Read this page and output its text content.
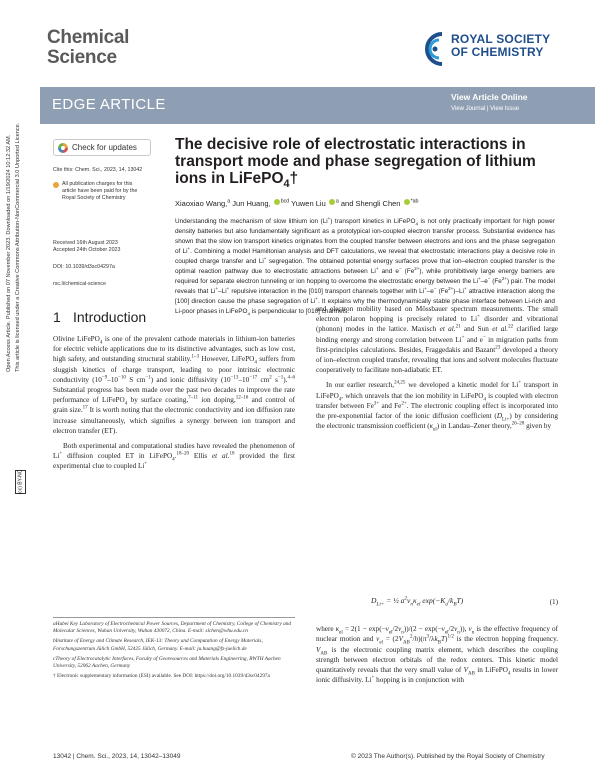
Chemical
Science
ROYAL SOCIETY
OF CHEMISTRY
EDGE ARTICLE	View Article Online
View Journal | View Issue
Open Access Article. Published on 07 November 2023. Downloaded on 1/19/2024 10:12:32 AM. This article is licensed under a Creative Commons Attribution-NonCommercial 3.0 Unported Licence.
(cc) BY-NC
Check for updates
Cite this: Chem. Sci., 2023, 14, 13042
All publication charges for this article have been paid for by the Royal Society of Chemistry
Received 16th August 2023
Accepted 24th October 2023
DOI: 10.1039/d3sc04297a
rsc.li/chemical-science
The decisive role of electrostatic interactions in transport mode and phase segregation of lithium ions in LiFePO$_4$†
Xiaoxiao Wang,$^a$ Jun Huang, $^{bcd}$ Yuwen Liu $^a$ and Shengli Chen $^{*ab}$
Understanding the mechanism of slow lithium ion (Li+) transport kinetics in LiFePO$_4$ is not only practically important for high power density batteries but also fundamentally significant as a prototypical ion-coupled electron transfer process. Substantial evidence has shown that the slow ion transport kinetics originates from the coupled transfer between electrons and ions and the phase segregation of Li+. Combining a model Hamiltonian analysis and DFT calculations, we reveal that electrostatic interactions play a decisive role in coupled charge transfer and Li+ segregation. The obtained potential energy surfaces prove that ion–electron coupled transfer is the optimal reaction pathway due to electrostatic attractions between Li+ and e− $(Fe^{2+})$, while prohibitively large energy barriers are required for separate electron tunneling or ion hopping to overcome the electrostatic energy between the Li+–e− $(Fe^{2+})$ pair. The model reveals that Li+–Li+ repulsive interaction in the [010] transport channels together with Li+–e− $(Fe^{2+})-Li^+$ attractive interaction along the [100] direction cause the phase segregation of Li+. It explains why the thermodynamically stable phase interface between Li-rich and Li-poor phases in LiFePO$_4$ is perpendicular to [010] channels.
1 Introduction

Olivine LiFePO$_4$ is one of the prevalent cathode materials in lithium-ion batteries for electric vehicle applications due to its distinctive advantages, such as low cost, high safety, and outstanding structural stability.$^{1-3}$ However, LiFePO$_4$ suffers from sluggish kinetics of charge transport, leading to poor intrinsic electronic conductivity ($10^{-9}-10^{-10}$ S $cm^{-1}$) and ionic diffusivity ($10^{-13}-10^{-17}$ $cm^2$ $s^{-1}).^{4-6}$ Substantial progress has been made over the past two decades to improve the rate performance of LiFePO$_4$ by surface coating,$^{7-11}$ ion doping,$^{12-16}$ and control of grain size.$^{17}$ It is worth noting that the electronic conductivity and ion diffusion rate increase simultaneously, which signifies a synergy between ion transport and electron transfer (ET).

Both experimental and computational studies have revealed the phenomenon of Li+ diffusion coupled ET in LiFePO$_4$.$^{18-20}$ Ellis et al.$^{18}$ provided the first experimental clue to coupled Li+

aHubei Key Laboratory of Electrochemical Power Sources, Department of Chemistry, College of Chemistry and Molecular Sciences, Wuhan University, Wuhan 430072, China. E-mail: slchen@whu.edu.cn

bInstitute of Energy and Climate Research, IEK-13: Theory and Computation of Energy Materials, Forschungszentrum Jülich GmbH, 52425 Jülich, Germany. E-mail: ju.huang@fz-juelich.de

cTheory of Electrocatalytic Interfaces, Faculty of Georesources and Materials Engineering, RWTH Aachen University, 52062 Aachen, Germany

† Electronic supplementary information (ESI) available. See DOI: https://doi.org/10.1039/d3sc04297a

and electron mobility based on Mössbauer spectrum measurements. The small electron polaron hopping is precisely related to Li+ disorder and vibrational (phonon) modes in the lattice. Maxisch et al.$^{21}$ and Sun et al.$^{22}$ clarified large binding energy and strong correlation between Li+ and e− in migration paths from first-principles calculations. Besides, Fraggedakis and Bazant$^{23}$ developed a theory of ion–electron coupled transfer, revealing that ions and solvent molecules fluctuate cooperatively to facilitate non-adiabatic ET.

In our earlier research,$^{24,25}$ we developed a kinetic model for Li+ transport in LiFePO$_4$, which unravels that the ion mobility in LiFePO$_4$ is coupled with electron transfer between $Fe^{3+}$ and $Fe^{2+}$. The electronic coupling effect is incorporated into the pre-exponential factor of the ionic diffusion coefficient $(D_{Li+})$ by considering the electronic transmission coefficient $(\kappa_{el})$ in Landau–Zener theory,$^{26-28}$ given by

$D_{Li+}$ = ½ $a^2\nu_n\kappa_{el}$ $\exp(-K_a/k_BT)$	(1)

where $\kappa_{el} = 2(1 - \exp(-\nu_{el}/2\nu_n))/(2 - \exp(-\nu_{el}/2\nu_n))$, $\nu_n$ is the effective frequency of nuclear motion and $\nu_{el} = (2V_{AB}^2/h)(\pi^3/\lambda k_BT)^{1/2}$ is the electron hopping frequency. $V_{AB}$ is the electronic coupling matrix element, which describes the coupling strength between electron orbitals of the redox centers. This kinetic model quantitatively reveals that the very small value of $V_{AB}$ in LiFePO$_4$ results in lower ionic diffusivity. Li+ hopping is in conjunction with

13042 | Chem. Sci., 2023, 14, 13042–13049	© 2023 The Author(s). Published by the Royal Society of Chemistry
